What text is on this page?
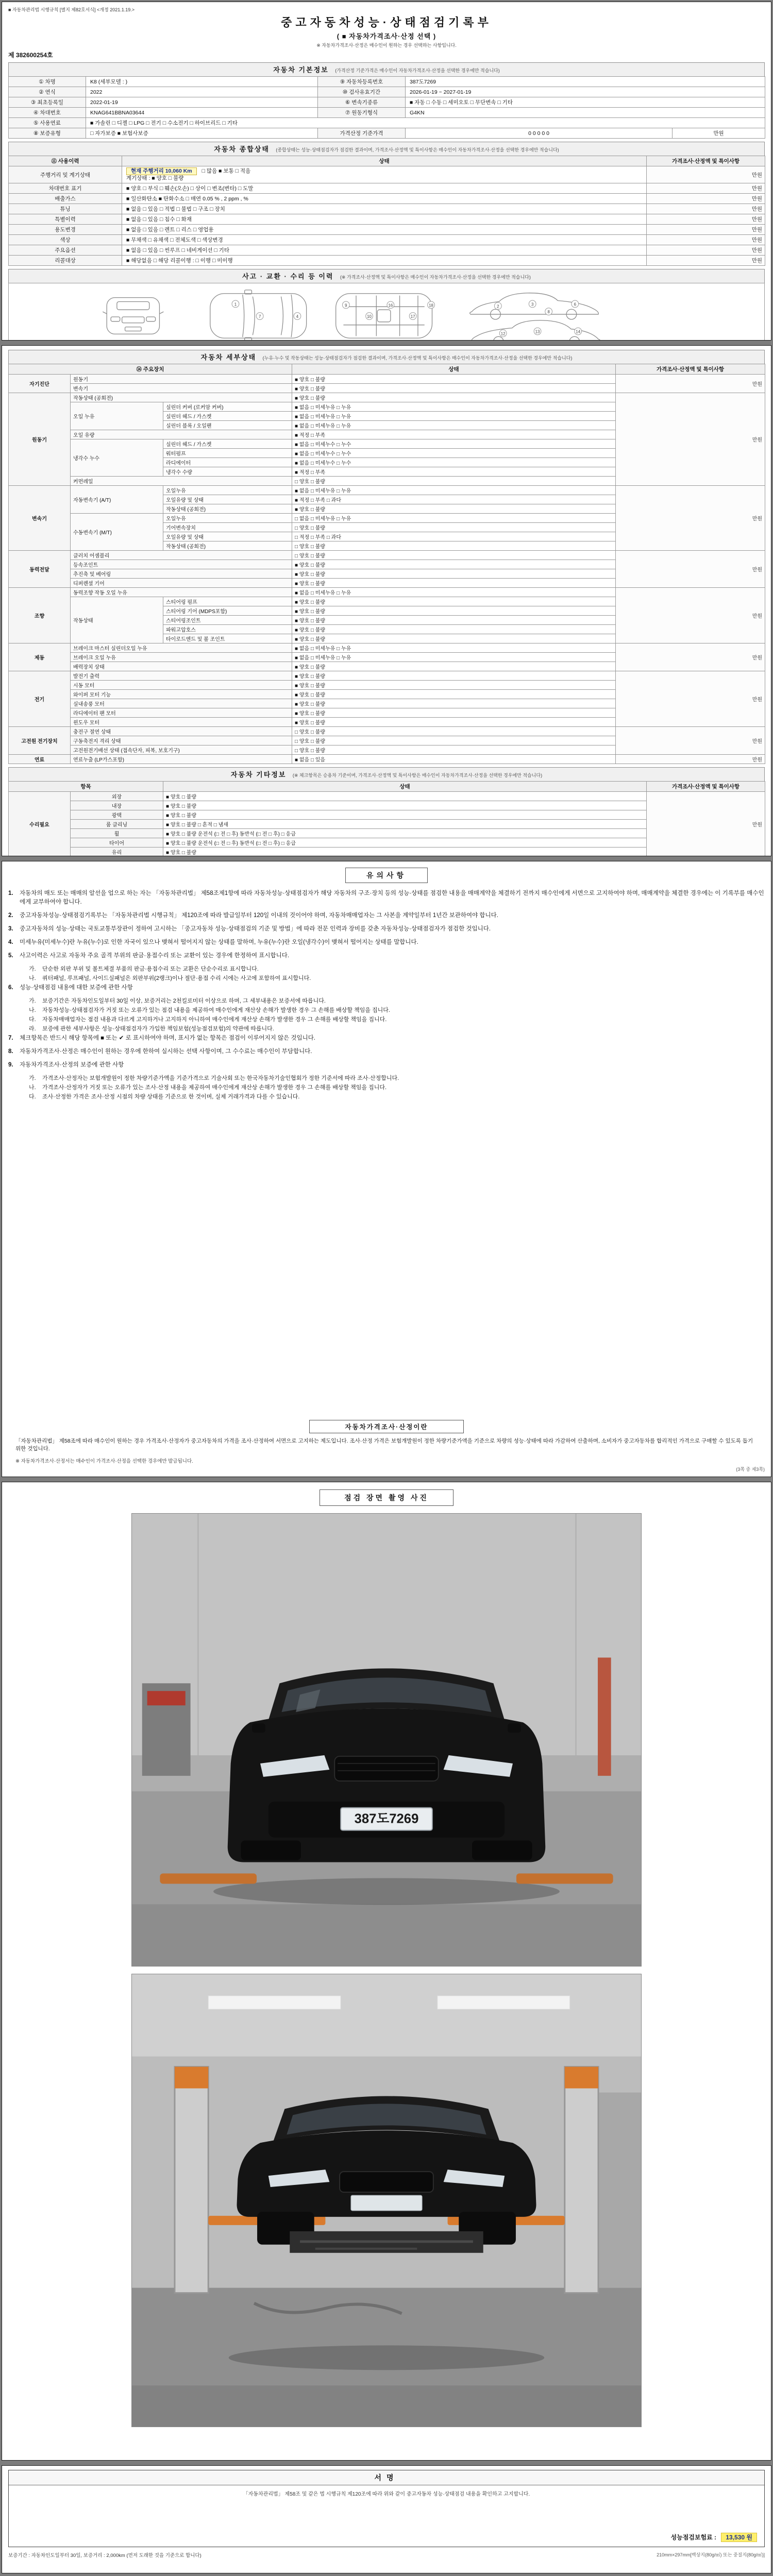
■ 자동차관리법 시행규칙 [별지 제82호서식] <개정 2021.1.19.>
중고자동차성능·상태점검기록부
( ■ 자동차가격조사·산정 선택 )
※ 자동차가격조사·산정은 매수인이 원하는 경우 선택하는 사항입니다.
제 382600254호
자동차 기본정보 (가격산정 기준가격은 매수인이 자동차가격조사·산정을 선택한 경우에만 적습니다)
① 차명	K8 (세부모델 : )	⑨ 자동차등록번호	387도7269	
② 연식	2022	⑩ 검사유효기간	2026-01-19 ~ 2027-01-19	
③ 최초등록일	2022-01-19	⑥ 변속기종류	■ 자동 □ 수동 □ 세미오토 □ 무단변속 □ 기타	
④ 차대번호	KNAG641BBNA03644	⑦ 원동기형식	G4KN	
⑤ 사용연료	■ 가솔린 □ 디젤 □ LPG □ 전기 □ 수소전기 □ 하이브리드 □ 기타			
⑧ 보증유형	□ 자가보증 ■ 보험사보증	가격산정 기준가격	0 0 0 0 0	만원
자동차 종합상태 (종합상태는 성능·상태점검자가 점검한 결과이며, 가격조사·산정액 및 특이사항은 매수인이 자동차가격조사·산정을 선택한 경우에만 적습니다)
⑪ 사용이력	상태	가격조사·산정액 및 특이사항
주행거리 및 계기상태	현재 주행거리 10,060 Km □ 많음 ■ 보통 □ 적음
계기상태 : ■ 양호 □ 불량	만원
차대번호 표기	■ 양호 □ 부식 □ 훼손(오손) □ 상이 □ 변조(변타) □ 도말	만원
배출가스	■ 일산화탄소 ■ 탄화수소 □ 매연 0.05 % , 2 ppm , %	만원
튜닝	■ 없음 □ 있음 □ 적법 □ 불법 □ 구조 □ 장치	만원
특별이력	■ 없음 □ 있음 □ 침수 □ 화재	만원
용도변경	■ 없음 □ 있음 □ 렌트 □ 리스 □ 영업용	만원
색상	■ 무채색 □ 유채색 □ 전체도색 □ 색상변경	만원
주요옵션	■ 없음 □ 있음 □ 썬루프 □ 네비게이션 □ 기타	만원
리콜대상	■ 해당없음 □ 해당 리콜이행 : □ 이행 □ 미이행	만원
사고 · 교환 · 수리 등 이력 (※ 가격조사·산정액 및 특이사항은 매수인이 자동차가격조사·산정을 선택한 경우에만 적습니다)
1
7	4
9
10
16
17
18	2	3	6
8
12	13	14

자동차 세부상태 (누유·누수 및 작동상태는 성능·상태점검자가 점검한 결과이며, 가격조사·산정액 및 특이사항은 매수인이 자동차가격조사·산정을 선택한 경우에만 적습니다)
⑭ 주요장치			상태	가격조사·산정액 및 특이사항
자기진단	원동기		■ 양호 □ 불량	만원
	변속기		■ 양호 □ 불량	
원동기	작동상태 (공회전)		■ 양호 □ 불량	만원
	오일 누유	실린더 커버 (로커암 커버)	■ 없음 □ 미세누유 □ 누유	
		실린더 헤드 / 가스켓	■ 없음 □ 미세누유 □ 누유	
		실린더 블록 / 오일팬	■ 없음 □ 미세누유 □ 누유	
	오일 유량		■ 적정 □ 부족	
	냉각수 누수	실린더 헤드 / 가스켓	■ 없음 □ 미세누수 □ 누수	
		워터펌프	■ 없음 □ 미세누수 □ 누수	
		라디에이터	■ 없음 □ 미세누수 □ 누수	
		냉각수 수량	■ 적정 □ 부족	
	커먼레일		□ 양호 □ 불량	
변속기	자동변속기 (A/T)	오일누유	■ 없음 □ 미세누유 □ 누유	만원
		오일유량 및 상태	■ 적정 □ 부족 □ 과다	
		작동상태 (공회전)	■ 양호 □ 불량	
	수동변속기 (M/T)	오일누유	□ 없음 □ 미세누유 □ 누유	
		기어변속장치	□ 양호 □ 불량	
		오일유량 및 상태	□ 적정 □ 부족 □ 과다	
		작동상태 (공회전)	□ 양호 □ 불량	
동력전달	클러치 어셈블리		□ 양호 □ 불량	만원
	등속조인트		■ 양호 □ 불량	
	추진축 및 베어링		■ 양호 □ 불량	
	디퍼렌셜 기어		■ 양호 □ 불량	
조향	동력조향 작동 오일 누유		■ 없음 □ 미세누유 □ 누유	만원
	작동상태	스티어링 펌프	■ 양호 □ 불량	
		스티어링 기어 (MDPS포함)	■ 양호 □ 불량	
		스티어링조인트	■ 양호 □ 불량	
		파워고압호스	■ 양호 □ 불량	
		타이로드엔드 및 볼 조인트	■ 양호 □ 불량	
제동	브레이크 마스터 실린더오일 누유		■ 없음 □ 미세누유 □ 누유	만원
	브레이크 오일 누유		■ 없음 □ 미세누유 □ 누유	
	배력장치 상태		■ 양호 □ 불량	
전기	발전기 출력		■ 양호 □ 불량	만원
	시동 모터		■ 양호 □ 불량	
	와이퍼 모터 기능		■ 양호 □ 불량	
	실내송풍 모터		■ 양호 □ 불량	
	라디에이터 팬 모터		■ 양호 □ 불량	
	윈도우 모터		■ 양호 □ 불량	
고전원 전기장치	충전구 절연 상태		□ 양호 □ 불량	만원
	구동축전지 격리 상태		□ 양호 □ 불량	
	고전원전기배선 상태 (접속단자, 피복, 보호기구)		□ 양호 □ 불량	
연료	연료누출 (LP가스포함)		■ 없음 □ 있음	만원
자동차 기타정보 (※ 체크항목은 승용차 기준이며, 가격조사·산정액 및 특이사항은 매수인이 자동차가격조사·산정을 선택한 경우에만 적습니다)
항목		상태	가격조사·산정액 및 특이사항
수리필요	외장	■ 양호 □ 불량	만원
	내장	■ 양호 □ 불량	
	광택	■ 양호 □ 불량	
	룸 클리닝	■ 양호 □ 불량 □ 흔적 □ 냄새	
	휠	■ 양호 □ 불량 운전석 (□ 전 □ 후) 동반석 (□ 전 □ 후) □ 응급	
	타이어	■ 양호 □ 불량 운전석 (□ 전 □ 후) 동반석 (□ 전 □ 후) □ 응급	
	유리	■ 양호 □ 불량	

유의사항
1.	자동차의 매도 또는 매매의 알선을 업으로 하는 자는 「자동차관리법」 제58조제1항에 따라 자동차성능·상태점검자가 해당 자동차의 구조·장치 등의 성능·상태를 점검한 내용을 매매계약을 체결하기 전까지 매수인에게 서면으로 고지하여야 하며, 매매계약을 체결한 경우에는 이 기록부를 매수인에게 교부하여야 합니다.
2.	중고자동차성능·상태점검기록부는 「자동차관리법 시행규칙」 제120조에 따라 발급일부터 120일 이내의 것이어야 하며, 자동차매매업자는 그 사본을 계약일부터 1년간 보관하여야 합니다.
3.	중고자동차의 성능·상태는 국토교통부장관이 정하여 고시하는 「중고자동차 성능·상태점검의 기준 및 방법」에 따라 전문 인력과 장비를 갖춘 자동차성능·상태점검자가 점검한 것입니다.
4.	미세누유(미세누수)란 누유(누수)로 인한 자국이 있으나 맺혀서 떨어지지 않는 상태를 말하며, 누유(누수)란 오일(냉각수)이 맺혀서 떨어지는 상태를 말합니다.
5.	사고이력은 사고로 자동차 주요 골격 부위의 판금·용접수리 또는 교환이 있는 경우에 한정하여 표시합니다.
가.	단순한 외판 부위 및 볼트체결 부품의 판금·용접수리 또는 교환은 단순수리로 표시합니다.
나.	쿼터패널, 루프패널, 사이드실패널은 외판부위(2랭크)이나 절단·용접 수리 시에는 사고에 포함하여 표시합니다.
6.	성능·상태점검 내용에 대한 보증에 관한 사항
가.	보증기간은 자동차인도일부터 30일 이상, 보증거리는 2천킬로미터 이상으로 하며, 그 세부내용은 보증서에 따릅니다.
나.	자동차성능·상태점검자가 거짓 또는 오류가 있는 점검 내용을 제공하여 매수인에게 재산상 손해가 발생한 경우 그 손해를 배상할 책임을 집니다.
다.	자동차매매업자는 점검 내용과 다르게 고지하거나 고지하지 아니하여 매수인에게 재산상 손해가 발생한 경우 그 손해를 배상할 책임을 집니다.
라.	보증에 관한 세부사항은 성능·상태점검자가 가입한 책임보험(성능점검보험)의 약관에 따릅니다.
7.	체크항목은 반드시 해당 항목에 ■ 또는 ✔ 로 표시하여야 하며, 표시가 없는 항목은 점검이 이루어지지 않은 것입니다.
8.	자동차가격조사·산정은 매수인이 원하는 경우에 한하여 실시하는 선택 사항이며, 그 수수료는 매수인이 부담합니다.
9.	자동차가격조사·산정의 보증에 관한 사항
가.	가격조사·산정자는 보험개발원이 정한 차량기준가액을 기준가격으로 기술사회 또는 한국자동차기술인협회가 정한 기준서에 따라 조사·산정합니다.
나.	가격조사·산정자가 거짓 또는 오류가 있는 조사·산정 내용을 제공하여 매수인에게 재산상 손해가 발생한 경우 그 손해를 배상할 책임을 집니다.
다.	조사·산정한 가격은 조사·산정 시점의 차량 상태를 기준으로 한 것이며, 실제 거래가격과 다를 수 있습니다.
자동차가격조사·산정이란
「자동차관리법」 제58조에 따라 매수인이 원하는 경우 가격조사·산정자가 중고자동차의 가격을 조사·산정하여 서면으로 고지하는 제도입니다. 조사·산정 가격은 보험개발원이 정한 차량기준가액을 기준으로 차량의 성능·상태에 따라 가감하여 산출하며, 소비자가 중고자동차를 합리적인 가격으로 구매할 수 있도록 돕기 위한 것입니다.
※ 자동차가격조사·산정서는 매수인이 가격조사·산정을 선택한 경우에만 발급됩니다.
(3쪽 중 제3쪽)
점검 장면 촬영 사진
387도7269
서명
「자동차관리법」 제58조 및 같은 법 시행규칙 제120조에 따라 위와 같이 중고자동차 성능·상태점검 내용을 확인하고 고지합니다.
성능점검보험료 : 13,530 원
보증기간 : 자동차인도일부터 30일, 보증거리 : 2,000km (먼저 도래한 것을 기준으로 합니다)	210mm×297mm[백상지(80g/㎡) 또는 중질지(80g/㎡)]
